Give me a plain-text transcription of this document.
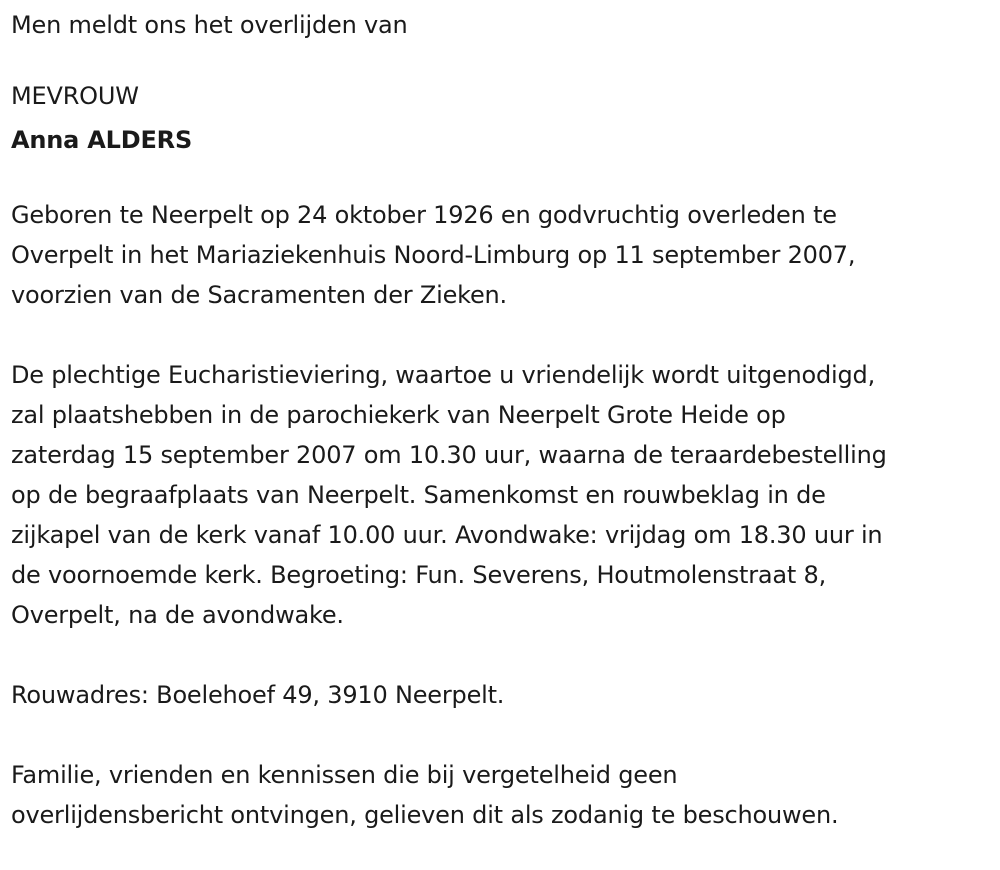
Men meldt ons het overlijden van
MEVROUW
Anna ALDERS
Geboren te Neerpelt op 24 oktober 1926 en godvruchtig overleden te
Overpelt in het Mariaziekenhuis Noord-Limburg op 11 september 2007,
voorzien van de Sacramenten der Zieken.
De plechtige Eucharistieviering, waartoe u vriendelijk wordt uitgenodigd,
zal plaatshebben in de parochiekerk van Neerpelt Grote Heide op
zaterdag 15 september 2007 om 10.30 uur, waarna de teraardebestelling
op de begraafplaats van Neerpelt. Samenkomst en rouwbeklag in de
zijkapel van de kerk vanaf 10.00 uur. Avondwake: vrijdag om 18.30 uur in
de voornoemde kerk. Begroeting: Fun. Severens, Houtmolenstraat 8,
Overpelt, na de avondwake.
Rouwadres: Boelehoef 49, 3910 Neerpelt.
Familie, vrienden en kennissen die bij vergetelheid geen
overlijdensbericht ontvingen, gelieven dit als zodanig te beschouwen.
